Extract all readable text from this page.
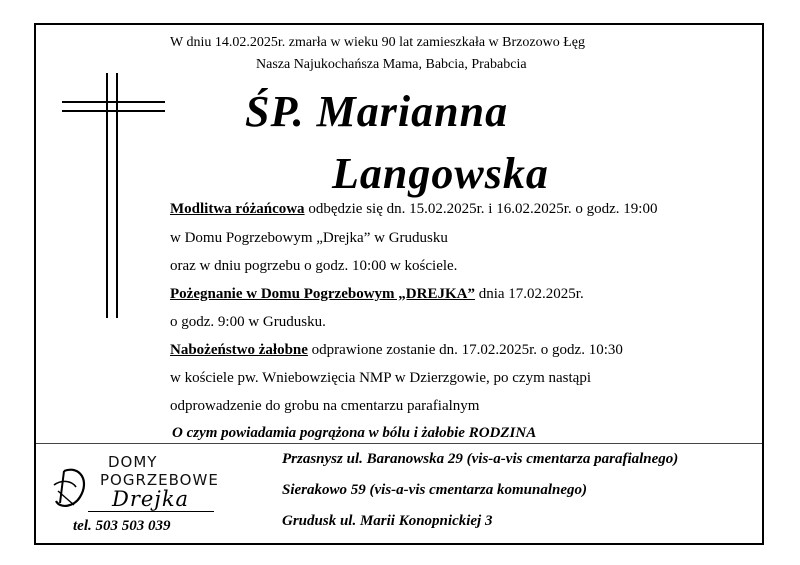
W dniu 14.02.2025r. zmarła w wieku 90 lat zamieszkała w Brzozowo Łęg
Nasza Najukochańsza Mama, Babcia, Prababcia
ŚP. Marianna
Langowska
Modlitwa różańcowa odbędzie się dn. 15.02.2025r. i 16.02.2025r. o godz. 19:00
w Domu Pogrzebowym „Drejka” w Grudusku
oraz w dniu pogrzebu o godz. 10:00 w kościele.
Pożegnanie w Domu Pogrzebowym „DREJKA” dnia 17.02.2025r.
o godz. 9:00 w Grudusku.
Nabożeństwo żałobne odprawione zostanie dn. 17.02.2025r. o godz. 10:30
w kościele pw. Wniebowzięcia NMP w Dzierzgowie, po czym nastąpi
odprowadzenie do grobu na cmentarzu parafialnym
O czym powiadamia pogrążona w bólu i żałobie RODZINA
DOMY
POGRZEBOWE
Drejka
tel. 503 503 039
Przasnysz ul. Baranowska 29 (vis-a-vis cmentarza parafialnego)
Sierakowo 59 (vis-a-vis cmentarza komunalnego)
Grudusk ul. Marii Konopnickiej 3
